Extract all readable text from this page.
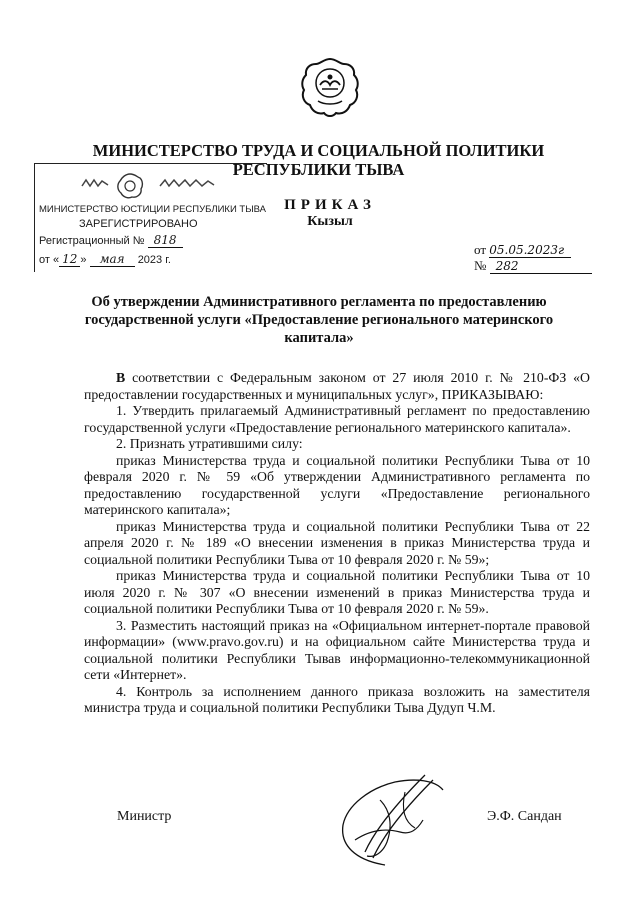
МИНИСТЕРСТВО ТРУДА И СОЦИАЛЬНОЙ ПОЛИТИКИ
РЕСПУБЛИКИ ТЫВА
МИНИСТЕРСТВО ЮСТИЦИИ РЕСПУБЛИКИ ТЫВА
ЗАРЕГИСТРИРОВАНО
Регистрационный № 818
от « 12 » мая 2023 г.
ПРИКАЗ
Кызыл
от 05.05.2023г
№ 282
Об утверждении Административного регламента по предоставлению
государственной услуги «Предоставление регионального материнского
капитала»

В соответствии с Федеральным законом от 27 июля 2010 г. № 210-ФЗ «О предоставлении государственных и муниципальных услуг», ПРИКАЗЫВАЮ:

1. Утвердить прилагаемый Административный регламент по предоставлению государственной услуги «Предоставление регионального материнского капитала».

2. Признать утратившими силу:

приказ Министерства труда и социальной политики Республики Тыва от 10 февраля 2020 г. № 59 «Об утверждении Административного регламента по предоставлению государственной услуги «Предоставление регионального материнского капитала»;

приказ Министерства труда и социальной политики Республики Тыва от 22 апреля 2020 г. № 189 «О внесении изменения в приказ Министерства труда и социальной политики Республики Тыва от 10 февраля 2020 г. № 59»;

приказ Министерства труда и социальной политики Республики Тыва от 10 июля 2020 г. № 307 «О внесении изменений в приказ Министерства труда и социальной политики Республики Тыва от 10 февраля 2020 г. № 59».

3. Разместить настоящий приказ на «Официальном интернет-портале правовой информации» (www.pravo.gov.ru) и на официальном сайте Министерства труда и социальной политики Республики Тывав информационно-телекоммуникационной сети «Интернет».

4. Контроль за исполнением данного приказа возложить на заместителя министра труда и социальной политики Республики Тыва Дудуп Ч.М.

Министр	Э.Ф. Сандан
